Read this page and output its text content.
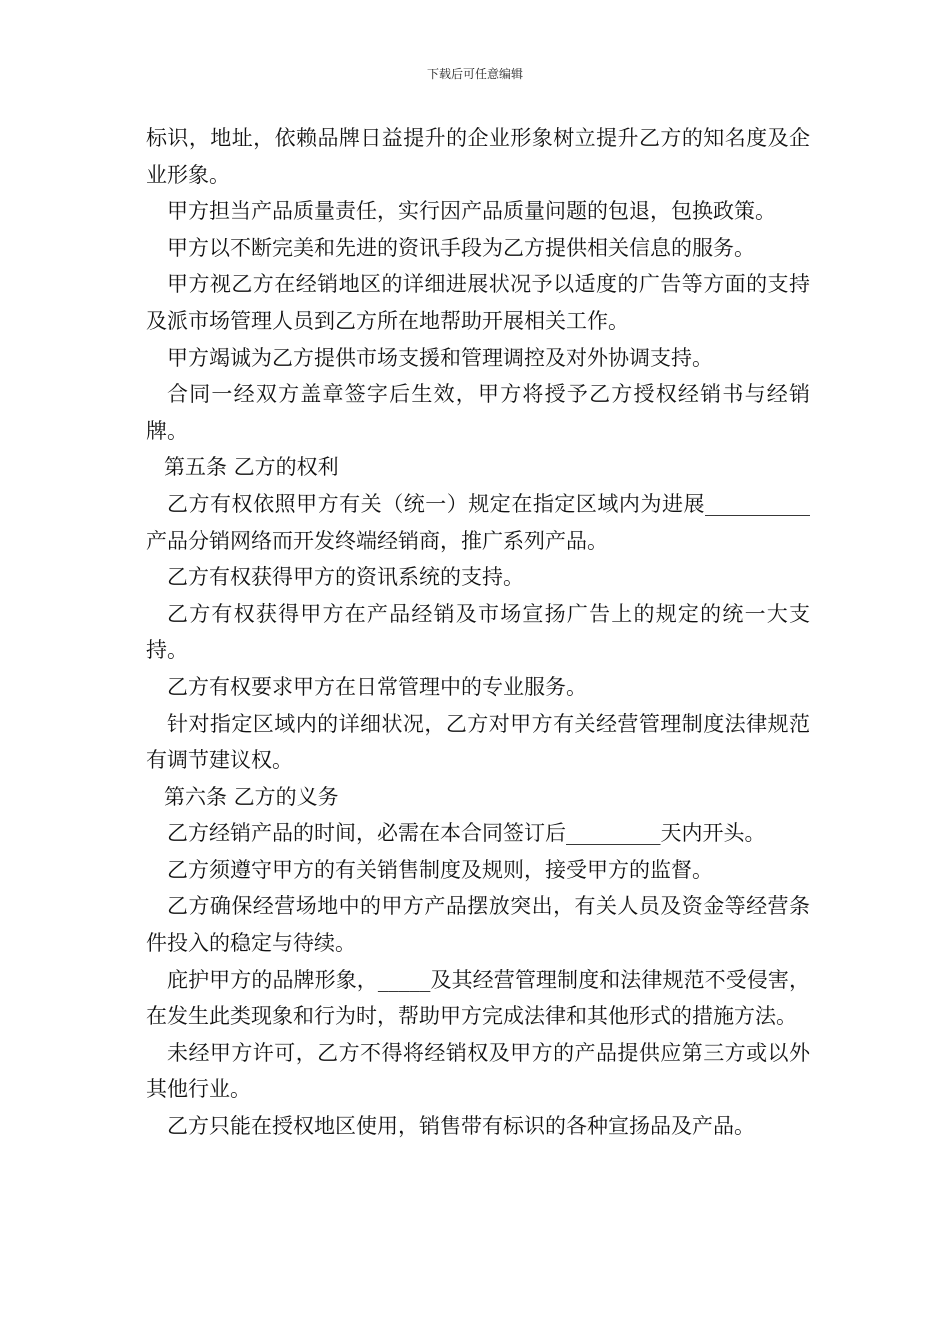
下载后可任意编辑

标识，地址，依赖品牌日益提升的企业形象树立提升乙方的知名度及企业形象。

甲方担当产品质量责任，实行因产品质量问题的包退，包换政策。

甲方以不断完美和先进的资讯手段为乙方提供相关信息的服务。

甲方视乙方在经销地区的详细进展状况予以适度的广告等方面的支持及派市场管理人员到乙方所在地帮助开展相关工作。

甲方竭诚为乙方提供市场支援和管理调控及对外协调支持。

合同一经双方盖章签字后生效，甲方将授予乙方授权经销书与经销牌。

第五条 乙方的权利

乙方有权依照甲方有关（统一）规定在指定区域内为进展__________产品分销网络而开发终端经销商，推广系列产品。

乙方有权获得甲方的资讯系统的支持。

乙方有权获得甲方在产品经销及市场宣扬广告上的规定的统一大支持。

乙方有权要求甲方在日常管理中的专业服务。

针对指定区域内的详细状况，乙方对甲方有关经营管理制度法律规范有调节建议权。

第六条 乙方的义务

乙方经销产品的时间，必需在本合同签订后_________天内开头。

乙方须遵守甲方的有关销售制度及规则，接受甲方的监督。

乙方确保经营场地中的甲方产品摆放突出，有关人员及资金等经营条件投入的稳定与待续。

庇护甲方的品牌形象，_____及其经营管理制度和法律规范不受侵害，在发生此类现象和行为时，帮助甲方完成法律和其他形式的措施方法。

未经甲方许可，乙方不得将经销权及甲方的产品提供应第三方或以外其他行业。

乙方只能在授权地区使用，销售带有标识的各种宣扬品及产品。
